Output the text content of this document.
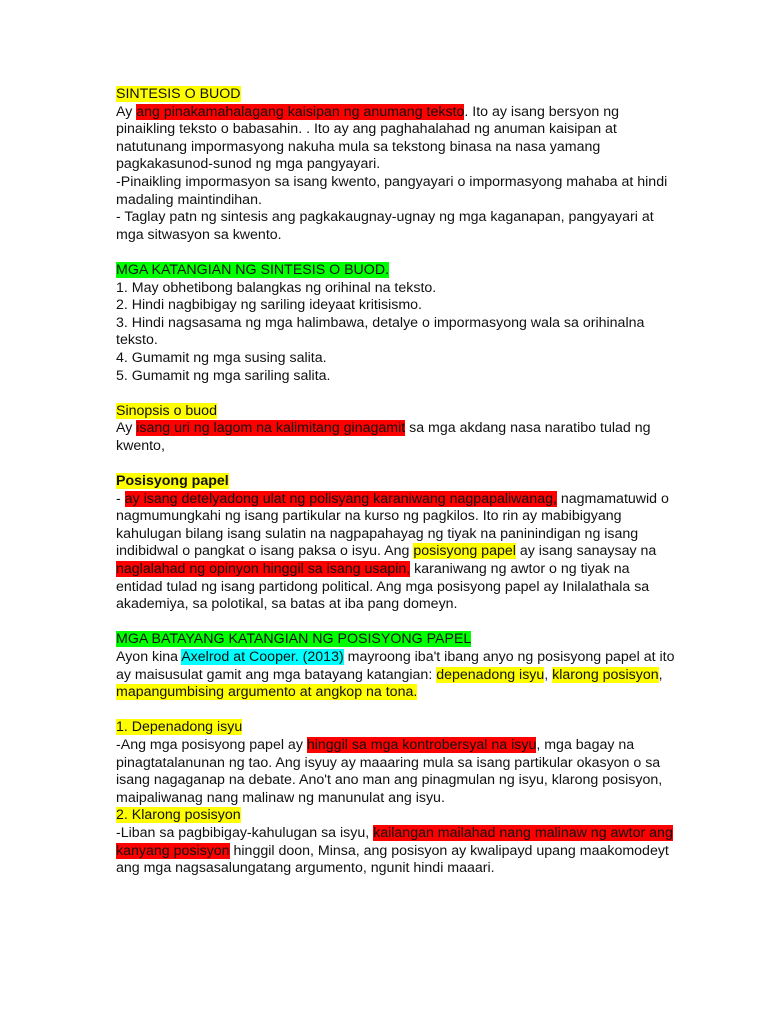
SINTESIS O BUOD

Ay ang pinakamahalagang kaisipan ng anumang teksto. Ito ay isang bersyon ng pinaikling teksto o babasahin. . Ito ay ang paghahalahad ng anuman kaisipan at natutunang impormasyong nakuha mula sa tekstong binasa na nasa yamang pagkakasunod-sunod ng mga pangyayari.

-Pinaikling impormasyon sa isang kwento, pangyayari o impormasyong mahaba at hindi madaling maintindihan.

- Taglay patn ng sintesis ang pagkakaugnay-ugnay ng mga kaganapan, pangyayari at mga sitwasyon sa kwento.

MGA KATANGIAN NG SINTESIS O BUOD.

1. May obhetibong balangkas ng orihinal na teksto.

2. Hindi nagbibigay ng sariling ideyaat kritisismo.

3. Hindi nagsasama ng mga halimbawa, detalye o impormasyong wala sa orihinalna teksto.

4. Gumamit ng mga susing salita.

5. Gumamit ng mga sariling salita.

Sinopsis o buod

Ay isang uri ng lagom na kalimitang ginagamit sa mga akdang nasa naratibo tulad ng kwento,

Posisyong papel

- ay isang detelyadong ulat ng polisyang karaniwang nagpapaliwanag, nagmamatuwid o nagmumungkahi ng isang partikular na kurso ng pagkilos. Ito rin ay mabibigyang kahulugan bilang isang sulatin na nagpapahayag ng tiyak na paninindigan ng isang indibidwal o pangkat o isang paksa o isyu. Ang posisyong papel ay isang sanaysay na naglalahad ng opinyon hinggil sa isang usapin, karaniwang ng awtor o ng tiyak na entidad tulad ng isang partidong political. Ang mga posisyong papel ay Inilalathala sa akademiya, sa polotikal, sa batas at iba pang domeyn.

MGA BATAYANG KATANGIAN NG POSISYONG PAPEL

Ayon kina Axelrod at Cooper. (2013) mayroong iba't ibang anyo ng posisyong papel at ito ay maisusulat gamit ang mga batayang katangian: depenadong isyu, klarong posisyon, mapangumbising argumento at angkop na tona.

1. Depenadong isyu

-Ang mga posisyong papel ay hinggil sa mga kontrobersyal na isyu, mga bagay na pinagtatalanunan ng tao. Ang isyuy ay maaaring mula sa isang partikular okasyon o sa isang nagaganap na debate. Ano't ano man ang pinagmulan ng isyu, klarong posisyon, maipaliwanag nang malinaw ng manunulat ang isyu.

2. Klarong posisyon

-Liban sa pagbibigay-kahulugan sa isyu, kailangan mailahad nang malinaw ng awtor ang kanyang posisyon hinggil doon, Minsa, ang posisyon ay kwalipayd upang maakomodeyt ang mga nagsasalungatang argumento, ngunit hindi maaari.
